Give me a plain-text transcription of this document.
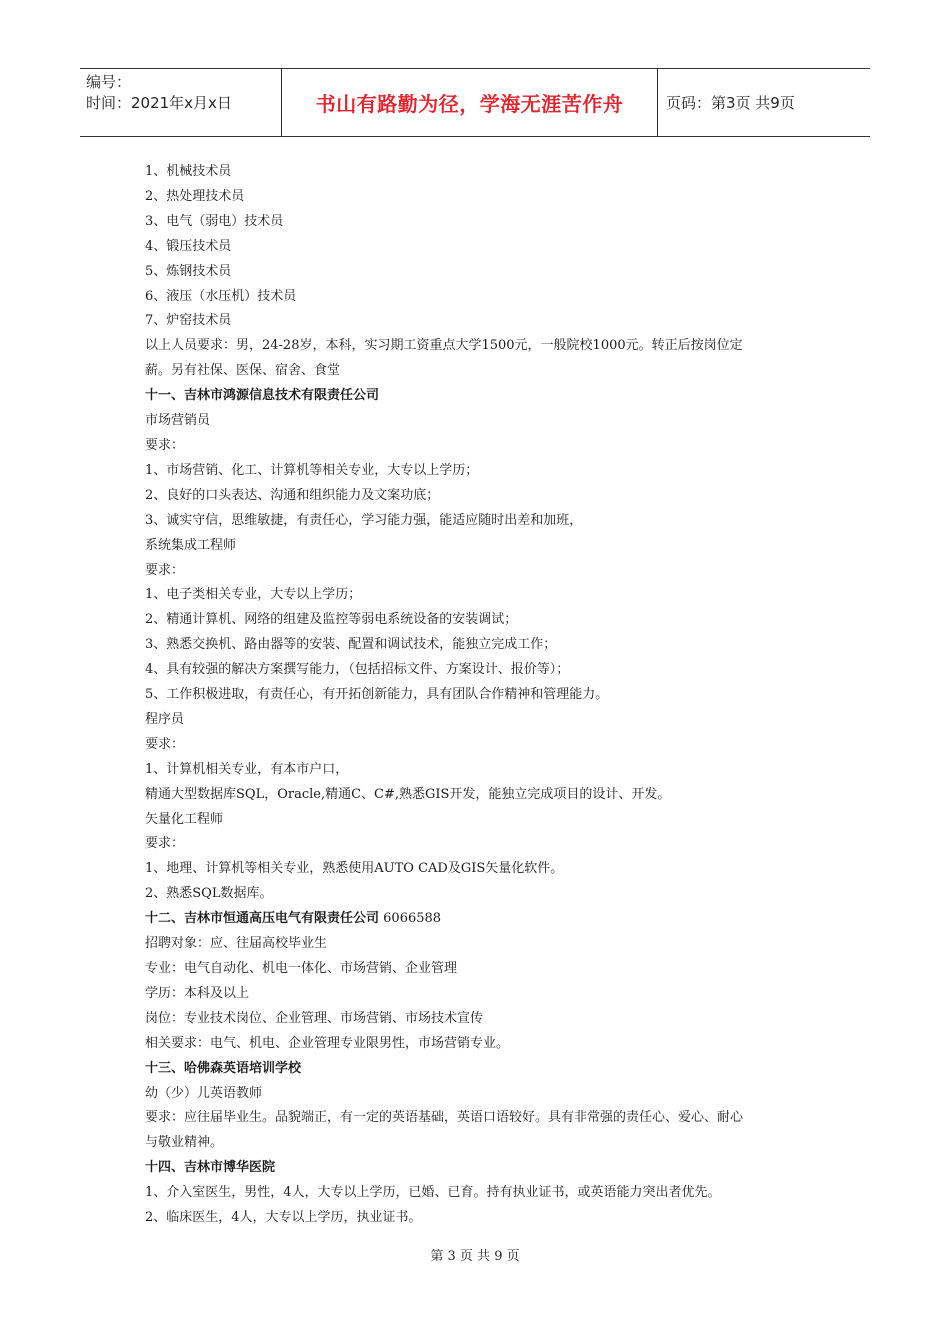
编号：
时间：2021年x月x日	书山有路勤为径，学海无涯苦作舟	页码：第3页 共9页
1、机械技术员
2、热处理技术员
3、电气（弱电）技术员
4、锻压技术员
5、炼钢技术员
6、液压（水压机）技术员
7、炉窑技术员
以上人员要求：男，24-28岁，本科，实习期工资重点大学1500元，一般院校1000元。转正后按岗位定
薪。另有社保、医保、宿舍、食堂
十一、吉林市鸿源信息技术有限责任公司
市场营销员
要求：
1、市场营销、化工、计算机等相关专业，大专以上学历；
2、良好的口头表达、沟通和组织能力及文案功底；
3、诚实守信，思维敏捷，有责任心，学习能力强，能适应随时出差和加班，
系统集成工程师
要求：
1、电子类相关专业，大专以上学历；
2、精通计算机、网络的组建及监控等弱电系统设备的安装调试；
3、熟悉交换机、路由器等的安装、配置和调试技术，能独立完成工作；
4、具有较强的解决方案撰写能力，（包括招标文件、方案设计、报价等）；
5、工作积极进取，有责任心，有开拓创新能力，具有团队合作精神和管理能力。
程序员
要求：
1、计算机相关专业，有本市户口，
精通大型数据库SQL，Oracle,精通C、C#,熟悉GIS开发，能独立完成项目的设计、开发。
矢量化工程师
要求：
1、地理、计算机等相关专业，熟悉使用AUTO CAD及GIS矢量化软件。
2、熟悉SQL数据库。
十二、吉林市恒通高压电气有限责任公司 6066588
招聘对象：应、往届高校毕业生
专业：电气自动化、机电一体化、市场营销、企业管理
学历：本科及以上
岗位：专业技术岗位、企业管理、市场营销、市场技术宣传
相关要求：电气、机电、企业管理专业限男性，市场营销专业。
十三、哈佛森英语培训学校
幼（少）儿英语教师
要求：应往届毕业生。品貌端正，有一定的英语基础，英语口语较好。具有非常强的责任心、爱心、耐心
与敬业精神。
十四、吉林市博华医院
1、介入室医生，男性，4人，大专以上学历，已婚、已育。持有执业证书，或英语能力突出者优先。
2、临床医生，4人，大专以上学历，执业证书。
第 3 页 共 9 页
